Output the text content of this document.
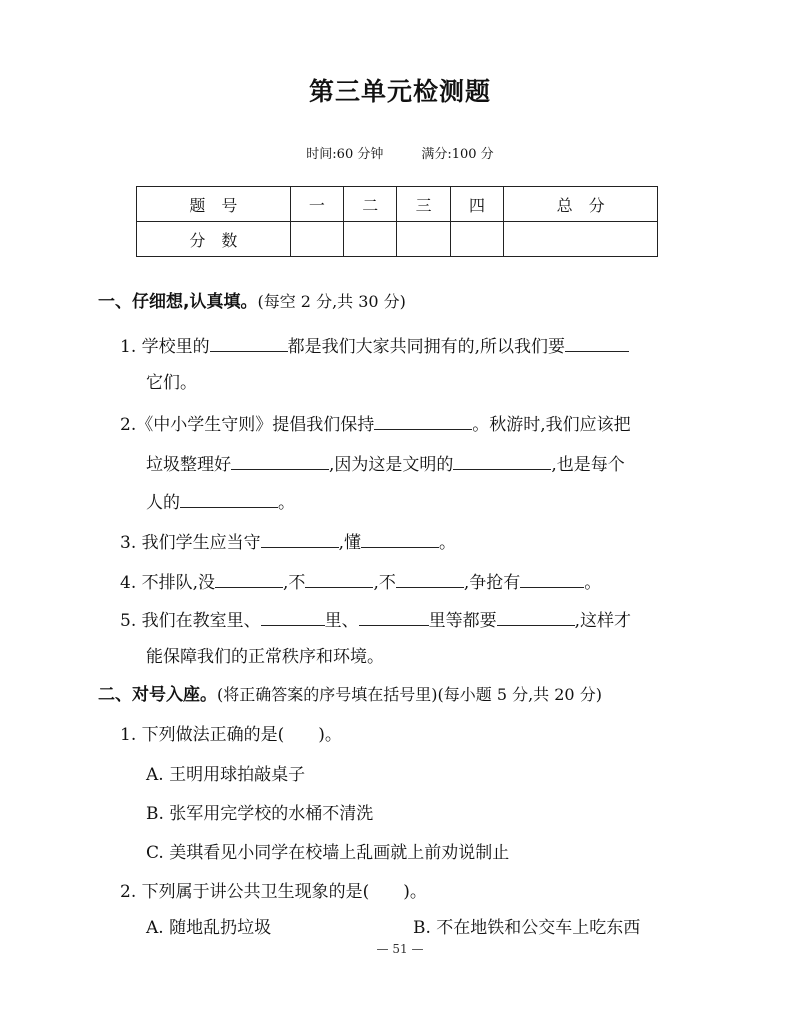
第三单元检测题
时间:60 分钟	满分:100 分
题　号	一	二	三	四	总　分
分　数					
一、仔细想,认真填。(每空 2 分,共 30 分)
1. 学校里的	都是我们大家共同拥有的,所以我们要
它们。
2.《中小学生守则》提倡我们保持	。秋游时,我们应该把
垃圾整理好	,因为这是文明的	,也是每个
人的	。
3. 我们学生应当守	,懂	。
4. 不排队,没	,不	,不	,争抢有	。
5. 我们在教室里、	里、	里等都要	,这样才
能保障我们的正常秩序和环境。
二、对号入座。(将正确答案的序号填在括号里)(每小题 5 分,共 20 分)
1. 下列做法正确的是(　　)。
A. 王明用球拍敲桌子
B. 张军用完学校的水桶不清洗
C. 美琪看见小同学在校墙上乱画就上前劝说制止
2. 下列属于讲公共卫生现象的是(　　)。
A. 随地乱扔垃圾	B. 不在地铁和公交车上吃东西
— 51 —
